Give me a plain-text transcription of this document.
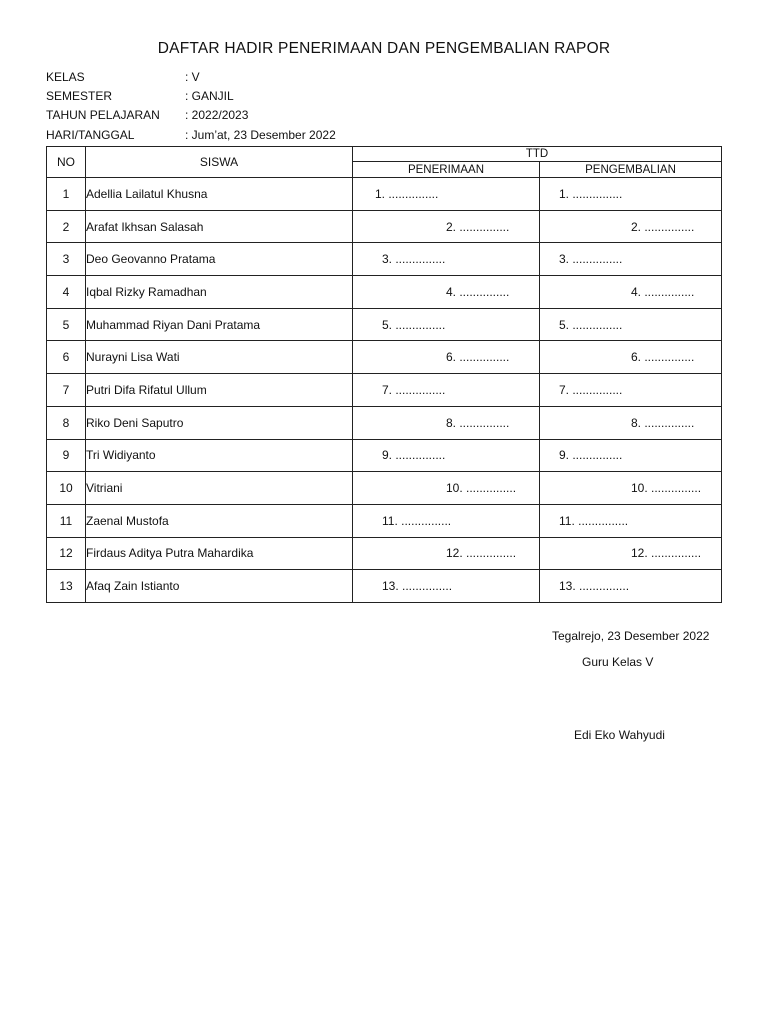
DAFTAR HADIR PENERIMAAN DAN PENGEMBALIAN RAPOR
KELAS	: V
SEMESTER	: GANJIL
TAHUN PELAJARAN : 2022/2023
HARI/TANGGAL	: Jum’at, 23 Desember 2022
NO	SISWA	TTD	
		PENERIMAAN	PENGEMBALIAN
1	Adellia Lailatul Khusna	1. ...............	1. ...............

2	Arafat Ikhsan Salasah	2. ...............	2. ...............

3	Deo Geovanno Pratama	3. ...............	3. ...............

4	Iqbal Rizky Ramadhan	4. ...............	4. ...............

5	Muhammad Riyan Dani Pratama	5. ...............	5. ...............

6	Nurayni Lisa Wati	6. ...............	6. ...............

7	Putri Difa Rifatul Ullum	7. ...............	7. ...............

8	Riko Deni Saputro	8. ...............	8. ...............

9	Tri Widiyanto	9. ...............	9. ...............

10	Vitriani	10. ...............	10. ...............

11	Zaenal Mustofa	11. ...............	11. ...............

12	Firdaus Aditya Putra Mahardika	12. ...............	12. ...............

13	Afaq Zain Istianto	13. ...............	13. ...............
Tegalrejo, 23 Desember 2022
Guru Kelas V
Edi Eko Wahyudi
